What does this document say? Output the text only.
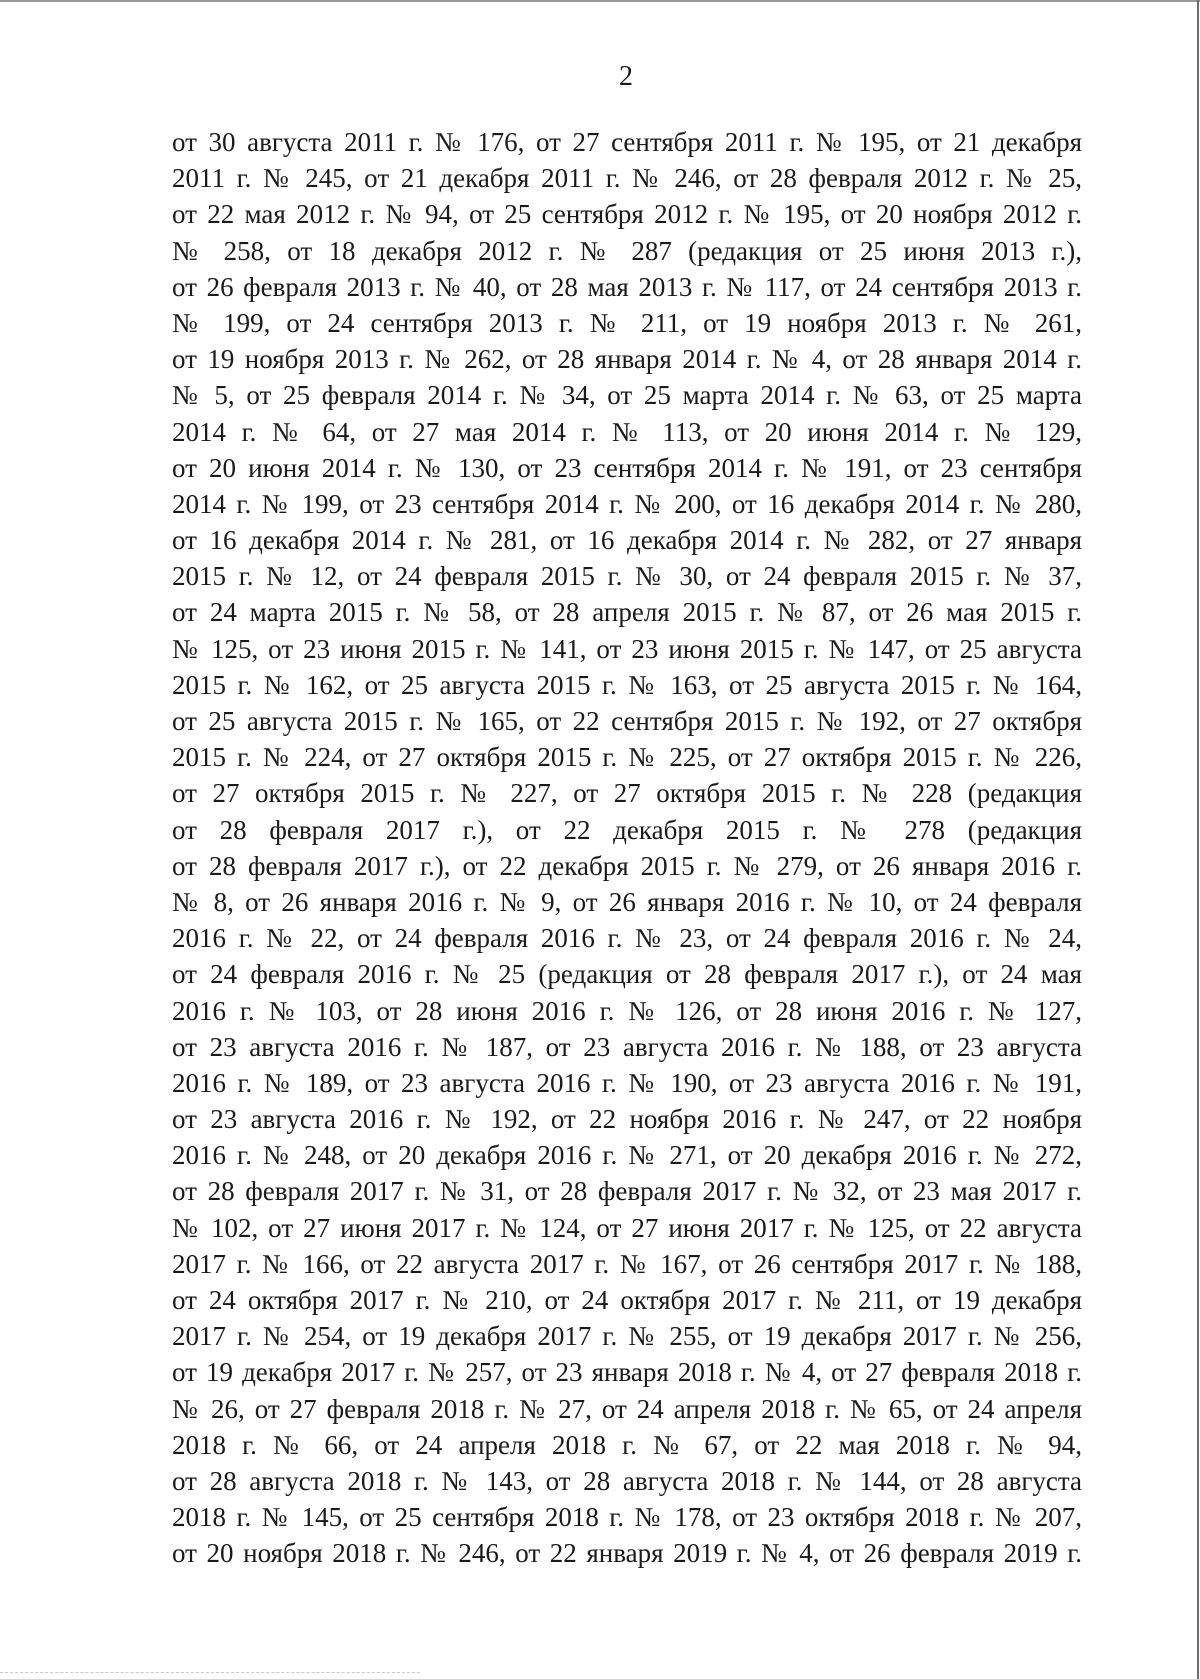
2
от 30 августа 2011 г. № 176, от 27 сентября 2011 г. № 195, от 21 декабря
2011 г. № 245, от 21 декабря 2011 г. № 246, от 28 февраля 2012 г. № 25,
от 22 мая 2012 г. № 94, от 25 сентября 2012 г. № 195, от 20 ноября 2012 г.
№ 258, от 18 декабря 2012 г. № 287 (редакция от 25 июня 2013 г.),
от 26 февраля 2013 г. № 40, от 28 мая 2013 г. № 117, от 24 сентября 2013 г.
№ 199, от 24 сентября 2013 г. № 211, от 19 ноября 2013 г. № 261,
от 19 ноября 2013 г. № 262, от 28 января 2014 г. № 4, от 28 января 2014 г.
№ 5, от 25 февраля 2014 г. № 34, от 25 марта 2014 г. № 63, от 25 марта
2014 г. № 64, от 27 мая 2014 г. № 113, от 20 июня 2014 г. № 129,
от 20 июня 2014 г. № 130, от 23 сентября 2014 г. № 191, от 23 сентября
2014 г. № 199, от 23 сентября 2014 г. № 200, от 16 декабря 2014 г. № 280,
от 16 декабря 2014 г. № 281, от 16 декабря 2014 г. № 282, от 27 января
2015 г. № 12, от 24 февраля 2015 г. № 30, от 24 февраля 2015 г. № 37,
от 24 марта 2015 г. № 58, от 28 апреля 2015 г. № 87, от 26 мая 2015 г.
№ 125, от 23 июня 2015 г. № 141, от 23 июня 2015 г. № 147, от 25 августа
2015 г. № 162, от 25 августа 2015 г. № 163, от 25 августа 2015 г. № 164,
от 25 августа 2015 г. № 165, от 22 сентября 2015 г. № 192, от 27 октября
2015 г. № 224, от 27 октября 2015 г. № 225, от 27 октября 2015 г. № 226,
от 27 октября 2015 г. № 227, от 27 октября 2015 г. № 228 (редакция
от 28 февраля 2017 г.), от 22 декабря 2015 г. № 278 (редакция
от 28 февраля 2017 г.), от 22 декабря 2015 г. № 279, от 26 января 2016 г.
№ 8, от 26 января 2016 г. № 9, от 26 января 2016 г. № 10, от 24 февраля
2016 г. № 22, от 24 февраля 2016 г. № 23, от 24 февраля 2016 г. № 24,
от 24 февраля 2016 г. № 25 (редакция от 28 февраля 2017 г.), от 24 мая
2016 г. № 103, от 28 июня 2016 г. № 126, от 28 июня 2016 г. № 127,
от 23 августа 2016 г. № 187, от 23 августа 2016 г. № 188, от 23 августа
2016 г. № 189, от 23 августа 2016 г. № 190, от 23 августа 2016 г. № 191,
от 23 августа 2016 г. № 192, от 22 ноября 2016 г. № 247, от 22 ноября
2016 г. № 248, от 20 декабря 2016 г. № 271, от 20 декабря 2016 г. № 272,
от 28 февраля 2017 г. № 31, от 28 февраля 2017 г. № 32, от 23 мая 2017 г.
№ 102, от 27 июня 2017 г. № 124, от 27 июня 2017 г. № 125, от 22 августа
2017 г. № 166, от 22 августа 2017 г. № 167, от 26 сентября 2017 г. № 188,
от 24 октября 2017 г. № 210, от 24 октября 2017 г. № 211, от 19 декабря
2017 г. № 254, от 19 декабря 2017 г. № 255, от 19 декабря 2017 г. № 256,
от 19 декабря 2017 г. № 257, от 23 января 2018 г. № 4, от 27 февраля 2018 г.
№ 26, от 27 февраля 2018 г. № 27, от 24 апреля 2018 г. № 65, от 24 апреля
2018 г. № 66, от 24 апреля 2018 г. № 67, от 22 мая 2018 г. № 94,
от 28 августа 2018 г. № 143, от 28 августа 2018 г. № 144, от 28 августа
2018 г. № 145, от 25 сентября 2018 г. № 178, от 23 октября 2018 г. № 207,
от 20 ноября 2018 г. № 246, от 22 января 2019 г. № 4, от 26 февраля 2019 г.
